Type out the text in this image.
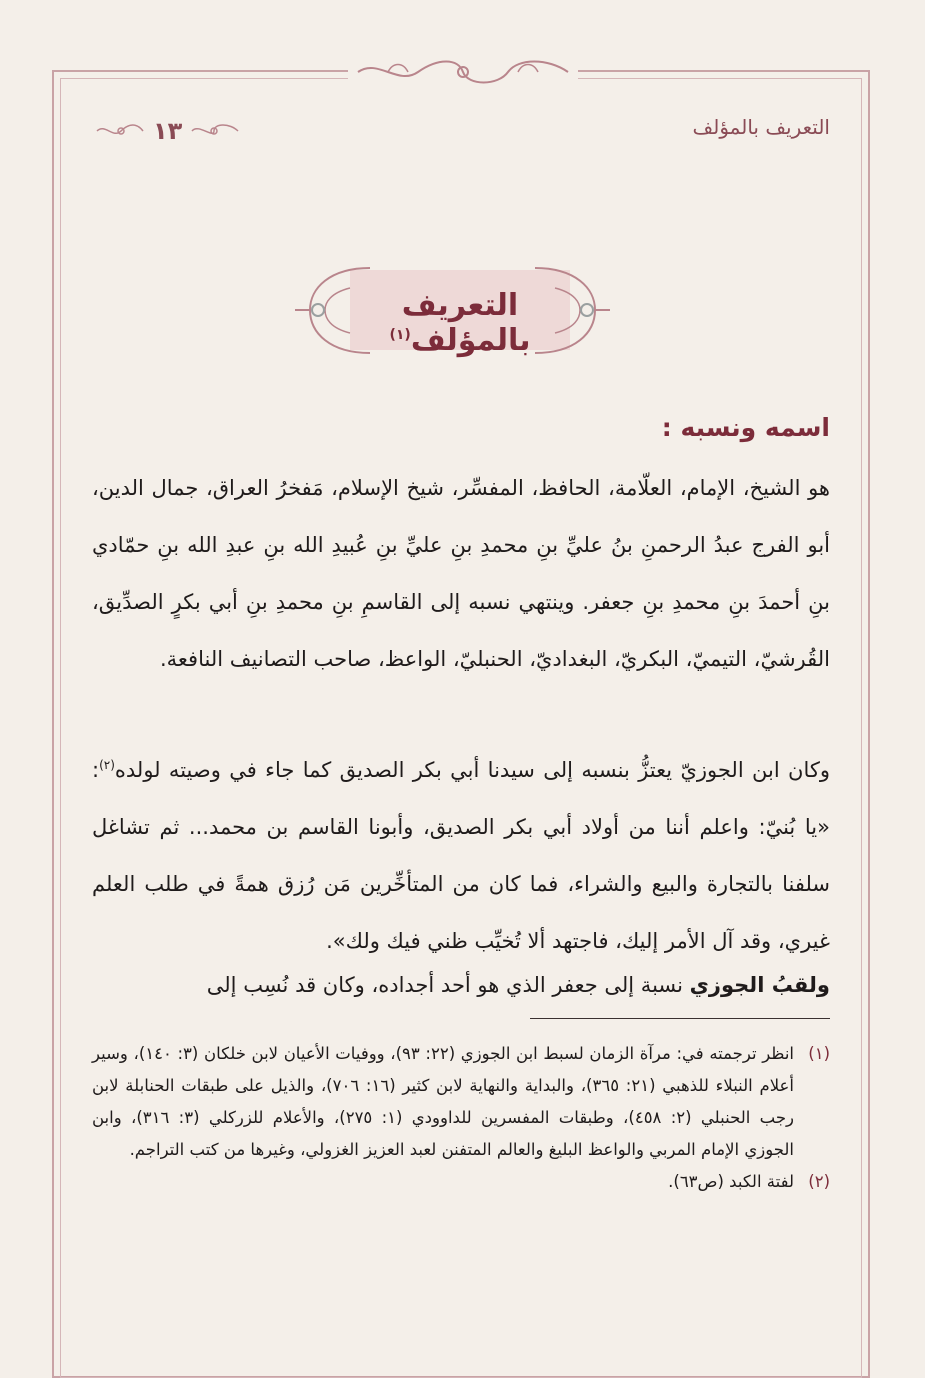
التعريف بالمؤلف
١٣
التعريف بالمؤلف$^{(١)}$
اسمه ونسبه :
هو الشيخ، الإمام، العلّامة، الحافظ، المفسِّر، شيخ الإسلام، مَفخرُ العراق، جمال الدين، أبو الفرج عبدُ الرحمنِ بنُ عليِّ بنِ محمدِ بنِ عليِّ بنِ عُبيدِ الله بنِ عبدِ الله بنِ حمّادي بنِ أحمدَ بنِ محمدِ بنِ جعفر. وينتهي نسبه إلى القاسمِ بنِ محمدِ بنِ أبي بكرٍ الصدِّيق، القُرشيّ، التيميّ، البكريّ، البغداديّ، الحنبليّ، الواعظ، صاحب التصانيف النافعة.
وكان ابن الجوزيّ يعتزُّ بنسبه إلى سيدنا أبي بكر الصديق كما جاء في وصيته لولده$^{(٢)}$: «يا بُنيّ: واعلم أننا من أولاد أبي بكر الصديق، وأبونا القاسم بن محمد... ثم تشاغل سلفنا بالتجارة والبيع والشراء، فما كان من المتأخِّرين مَن رُزق همةً في طلب العلم غيري، وقد آل الأمر إليك، فاجتهد ألا تُخيِّب ظني فيك ولك».
ولقبُ الجوزي نسبة إلى جعفر الذي هو أحد أجداده، وكان قد نُسِب إلى
(١)
انظر ترجمته في: مرآة الزمان لسبط ابن الجوزي (٢٢: ٩٣)، ووفيات الأعيان لابن خلكان (٣: ١٤٠)، وسير أعلام النبلاء للذهبي (٢١: ٣٦٥)، والبداية والنهاية لابن كثير (١٦: ٧٠٦)، والذيل على طبقات الحنابلة لابن رجب الحنبلي (٢: ٤٥٨)، وطبقات المفسرين للداوودي (١: ٢٧٥)، والأعلام للزركلي (٣: ٣١٦)، وابن الجوزي الإمام المربي والواعظ البليغ والعالم المتفنن لعبد العزيز الغزولي، وغيرها من كتب التراجم.
(٢)
لفتة الكبد (ص٦٣).
